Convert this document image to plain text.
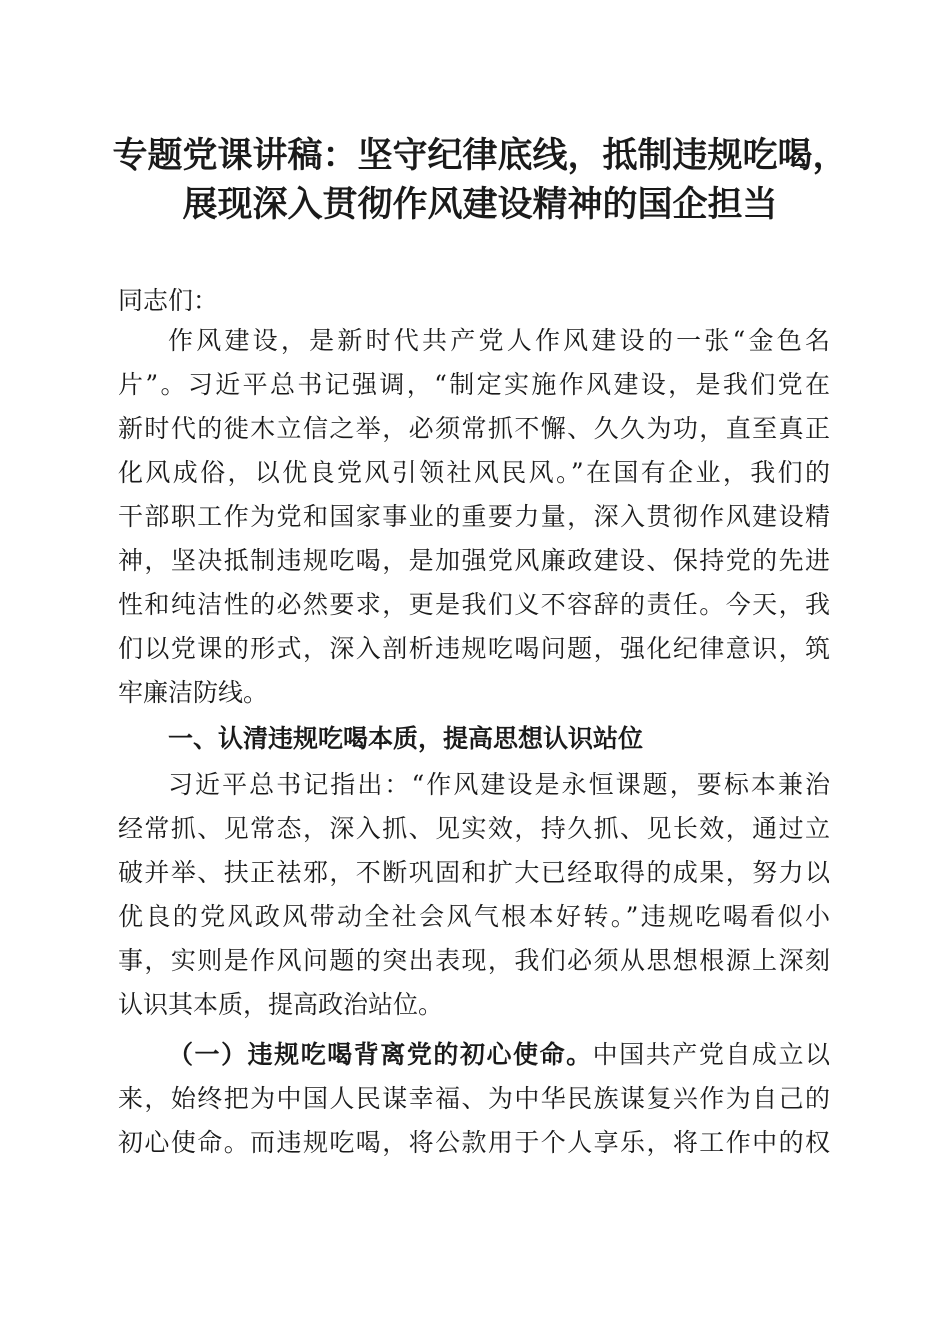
专题党课讲稿：坚守纪律底线，抵制违规吃喝，
展现深入贯彻作风建设精神的国企担当
同志们：
作风建设，是新时代共产党人作风建设的一张“金色名
片”。习近平总书记强调，“制定实施作风建设，是我们党在
新时代的徙木立信之举，必须常抓不懈、久久为功，直至真正
化风成俗，以优良党风引领社风民风。”在国有企业，我们的
干部职工作为党和国家事业的重要力量，深入贯彻作风建设精
神，坚决抵制违规吃喝，是加强党风廉政建设、保持党的先进
性和纯洁性的必然要求，更是我们义不容辞的责任。今天，我
们以党课的形式，深入剖析违规吃喝问题，强化纪律意识，筑
牢廉洁防线。
一、认清违规吃喝本质，提高思想认识站位
习近平总书记指出：“作风建设是永恒课题，要标本兼治
经常抓、见常态，深入抓、见实效，持久抓、见长效，通过立
破并举、扶正祛邪，不断巩固和扩大已经取得的成果，努力以
优良的党风政风带动全社会风气根本好转。”违规吃喝看似小
事，实则是作风问题的突出表现，我们必须从思想根源上深刻
认识其本质，提高政治站位。
（一）违规吃喝背离党的初心使命。中国共产党自成立以
来，始终把为中国人民谋幸福、为中华民族谋复兴作为自己的
初心使命。而违规吃喝，将公款用于个人享乐，将工作中的权
